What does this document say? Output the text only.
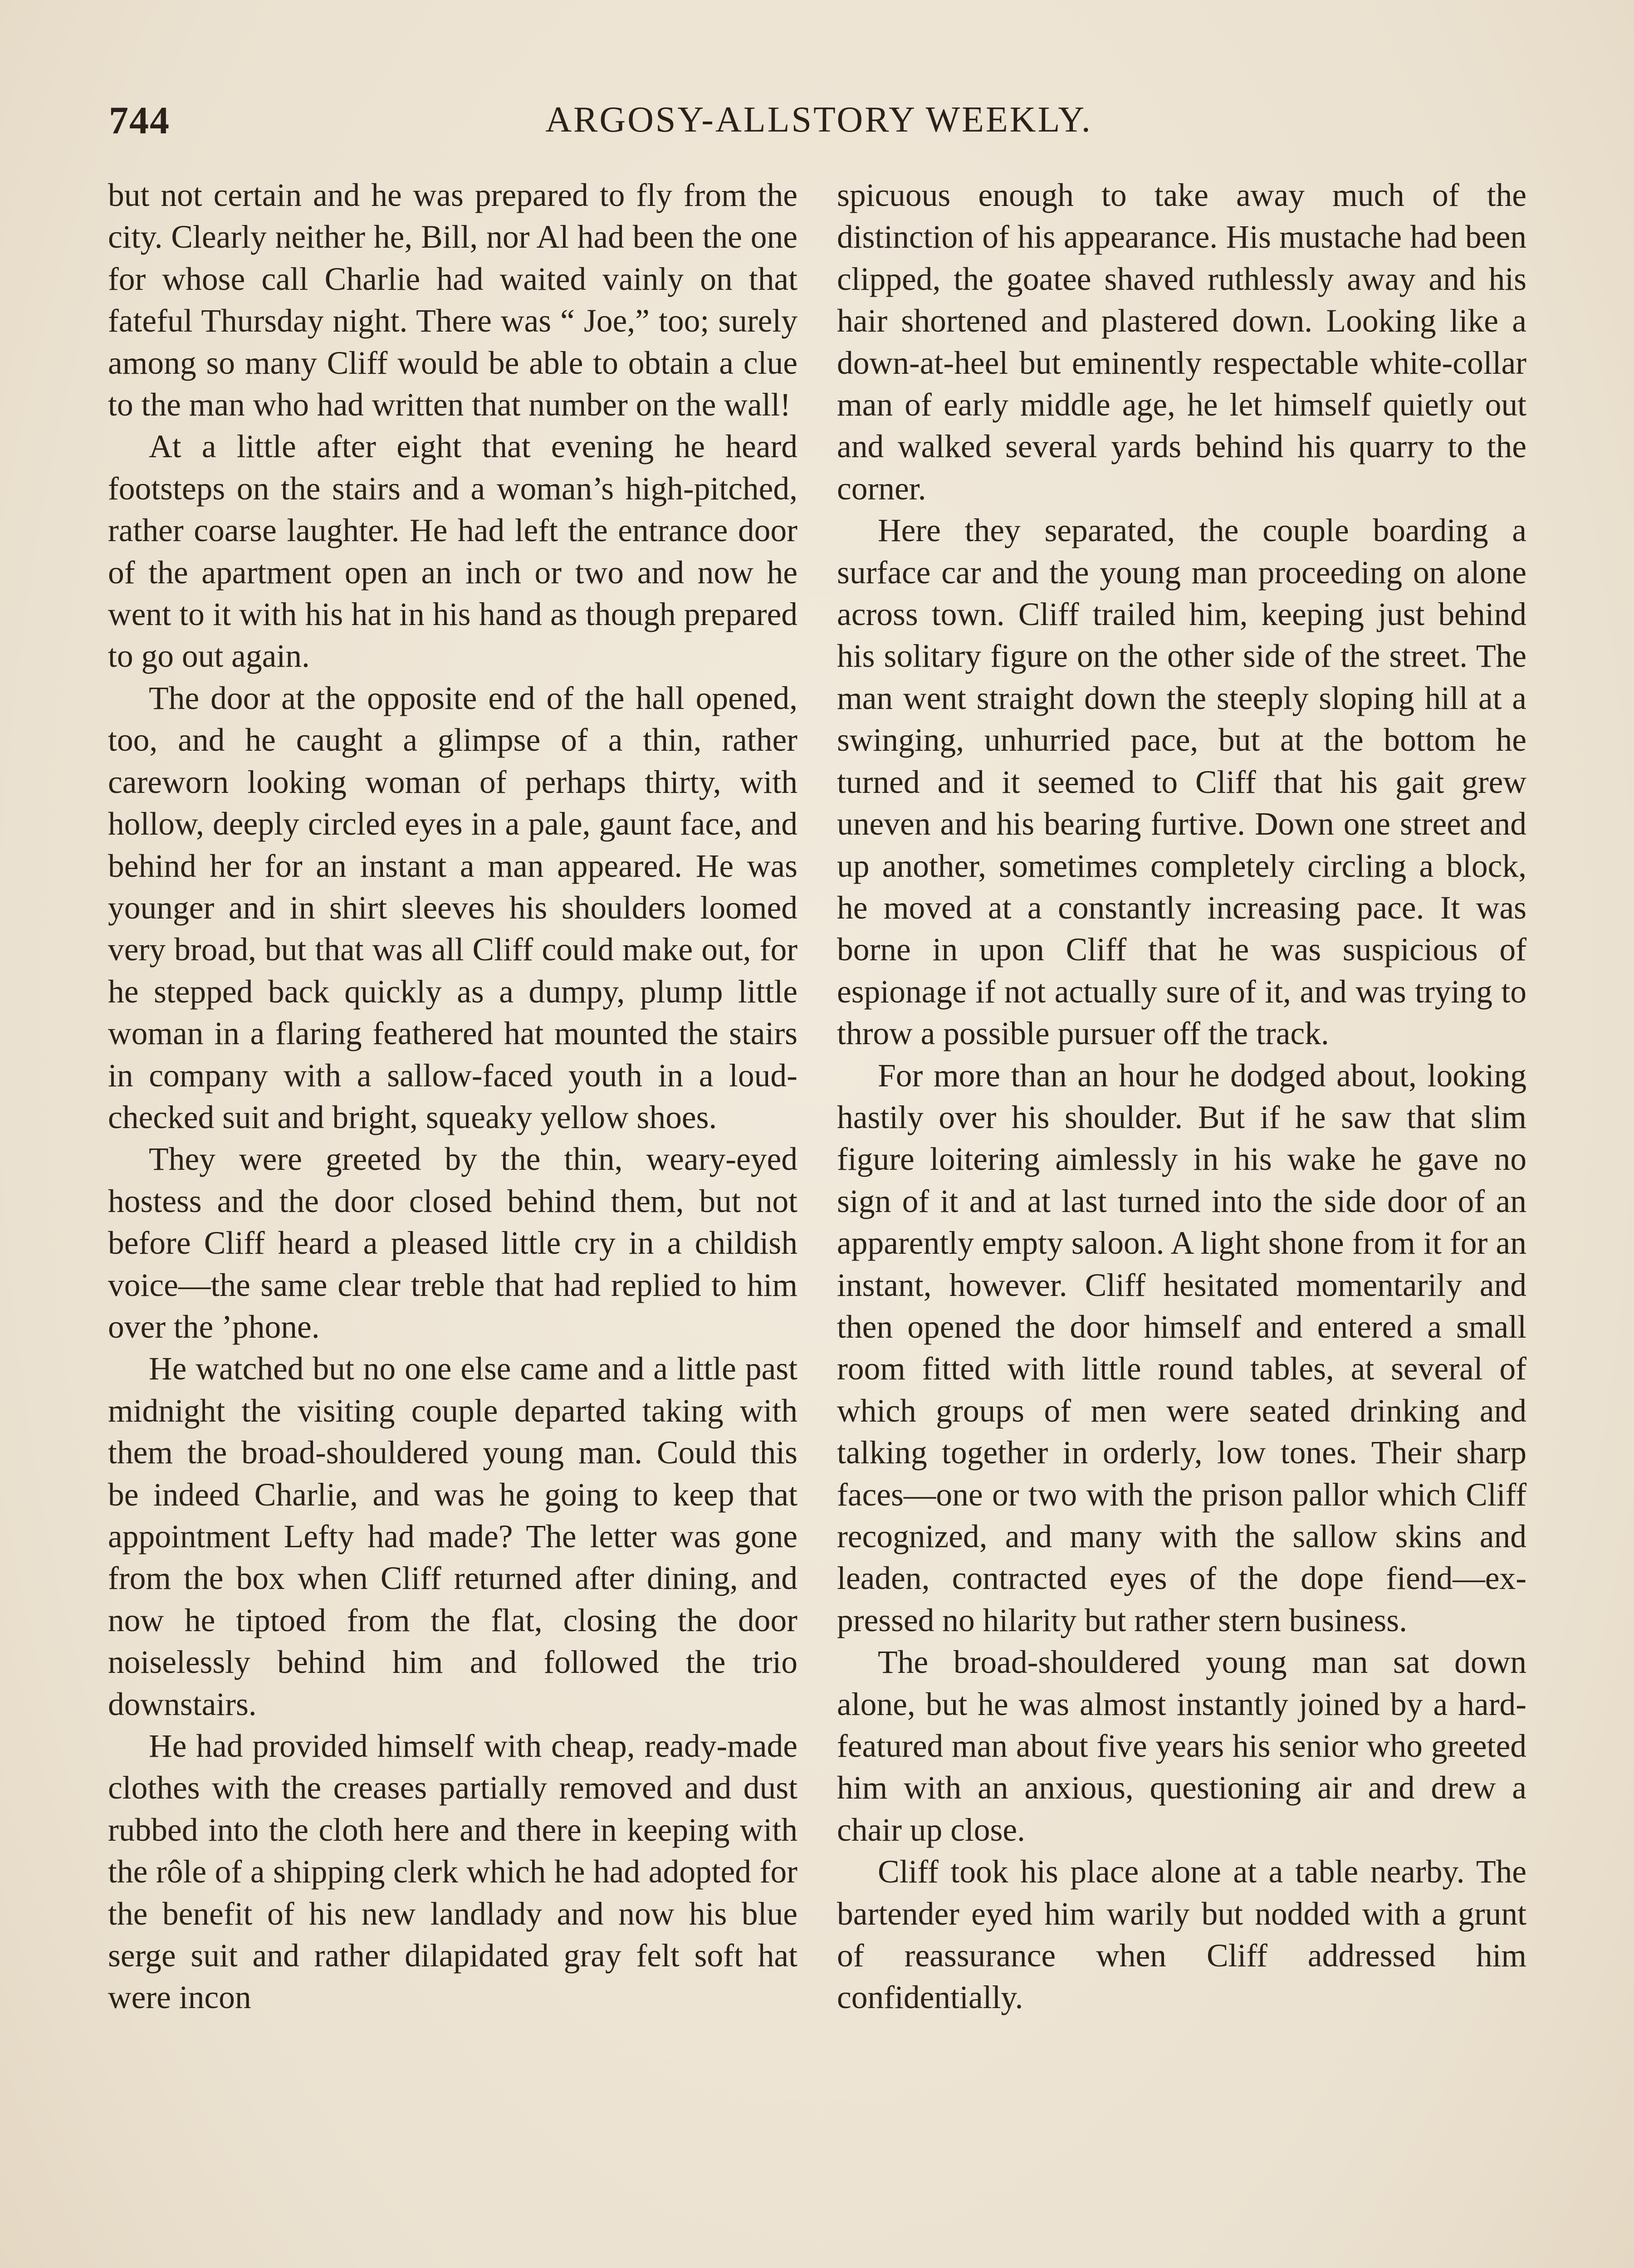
744	ARGOSY-ALLSTORY WEEKLY.

but not certain and he was prepared to fly from the city. Clearly neither he, Bill, nor Al had been the one for whose call Charlie had waited vainly on that fateful Thursday night. There was “ Joe,” too; surely among so many Cliff would be able to obtain a clue to the man who had written that number on the wall!

At a little after eight that evening he heard footsteps on the stairs and a woman’s high-pitched, rather coarse laughter. He had left the entrance door of the apartment open an inch or two and now he went to it with his hat in his hand as though prepared to go out again.

The door at the opposite end of the hall opened, too, and he caught a glimpse of a thin, rather careworn looking woman of perhaps thirty, with hollow, deeply circled eyes in a pale, gaunt face, and behind her for an instant a man appeared. He was younger and in shirt sleeves his shoulders loomed very broad, but that was all Cliff could make out, for he stepped back quickly as a dumpy, plump little woman in a flaring feathered hat mounted the stairs in company with a sallow-faced youth in a loud-checked suit and bright, squeaky yellow shoes.

They were greeted by the thin, weary-eyed hostess and the door closed behind them, but not before Cliff heard a pleased little cry in a childish voice—the same clear treble that had replied to him over the ’phone.

He watched but no one else came and a little past midnight the visiting couple departed taking with them the broad-shouldered young man. Could this be indeed Charlie, and was he going to keep that appointment Lefty had made? The letter was gone from the box when Cliff returned after dining, and now he tiptoed from the flat, closing the door noiselessly behind him and followed the trio downstairs.

He had provided himself with cheap, ready-made clothes with the creases partially removed and dust rubbed into the cloth here and there in keeping with the rôle of a shipping clerk which he had adopted for the benefit of his new landlady and now his blue serge suit and rather dilapidated gray felt soft hat were incon

spicuous enough to take away much of the distinction of his appearance. His mustache had been clipped, the goatee shaved ruthlessly away and his hair shortened and plastered down. Looking like a down-at-heel but eminently respectable white-collar man of early middle age, he let himself quietly out and walked several yards behind his quarry to the corner.

Here they separated, the couple boarding a surface car and the young man proceeding on alone across town. Cliff trailed him, keeping just behind his solitary figure on the other side of the street. The man went straight down the steeply sloping hill at a swinging, unhurried pace, but at the bottom he turned and it seemed to Cliff that his gait grew uneven and his bearing furtive. Down one street and up another, sometimes completely circling a block, he moved at a constantly increasing pace. It was borne in upon Cliff that he was suspicious of espionage if not actually sure of it, and was trying to throw a possible pursuer off the track.

For more than an hour he dodged about, looking hastily over his shoulder. But if he saw that slim figure loitering aimlessly in his wake he gave no sign of it and at last turned into the side door of an apparently empty saloon. A light shone from it for an instant, however. Cliff hesitated momentarily and then opened the door himself and entered a small room fitted with little round tables, at several of which groups of men were seated drinking and talking together in orderly, low tones. Their sharp faces—one or two with the prison pallor which Cliff recognized, and many with the sallow skins and leaden, contracted eyes of the dope fiend—expressed no hilarity but rather stern business.

The broad-shouldered young man sat down alone, but he was almost instantly joined by a hard-featured man about five years his senior who greeted him with an anxious, questioning air and drew a chair up close.

Cliff took his place alone at a table nearby. The bartender eyed him warily but nodded with a grunt of reassurance when Cliff addressed him confidentially.
